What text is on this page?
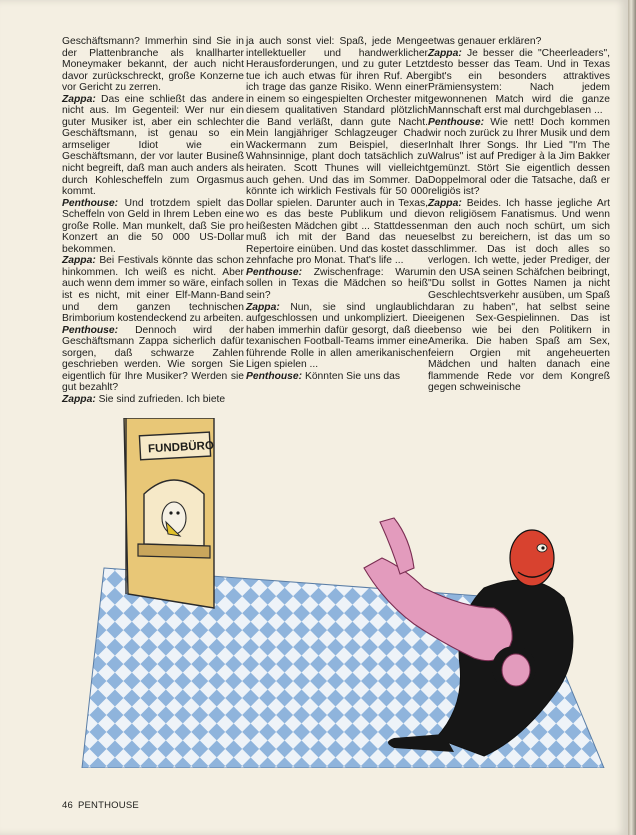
Geschäftsmann? Immerhin sind Sie in der Plattenbranche als knallharter Moneymaker bekannt, der auch nicht davor zurückschreckt, große Konzerne vor Gericht zu zerren.

Zappa: Das eine schließt das andere nicht aus. Im Gegenteil: Wer nur ein guter Musiker ist, aber ein schlechter Geschäftsmann, ist genau so ein armseliger Idiot wie ein Geschäftsmann, der vor lauter Busineß nicht begreift, daß man auch anders als durch Kohlescheffeln zum Orgasmus kommt.

Penthouse: Und trotzdem spielt das Scheffeln von Geld in Ihrem Leben eine große Rolle. Man munkelt, daß Sie pro Konzert an die 50 000 US-Dollar bekommen.

Zappa: Bei Festivals könnte das schon hinkommen. Ich weiß es nicht. Aber auch wenn dem immer so wäre, einfach ist es nicht, mit einer Elf-Mann-Band und dem ganzen technischen Brimborium kostendeckend zu arbeiten.

Penthouse: Dennoch wird der Geschäftsmann Zappa sicherlich dafür sorgen, daß schwarze Zahlen geschrieben werden. Wie sorgen Sie eigentlich für Ihre Musiker? Werden sie gut bezahlt?

Zappa: Sie sind zufrieden. Ich biete

ja auch sonst viel: Spaß, jede Menge intellektueller und handwerklicher Herausforderungen, und zu guter Letzt tue ich auch etwas für ihren Ruf. Aber ich trage das ganze Risiko. Wenn einer in einem so eingespielten Orchester mit diesem qualitativen Standard plötzlich die Band verläßt, dann gute Nacht. Mein langjähriger Schlagzeuger Chad Wackermann zum Beispiel, dieser Wahnsinnige, plant doch tatsächlich zu heiraten. Scott Thunes will vielleicht auch gehen. Und das im Sommer. Da könnte ich wirklich Festivals für 50 000 Dollar spielen. Darunter auch in Texas, wo es das beste Publikum und die heißesten Mädchen gibt ... Stattdessen muß ich mit der Band das neue Repertoire einüben. Und das kostet das zehnfache pro Monat. That's life ...

Penthouse: Zwischenfrage: Warum sollen in Texas die Mädchen so heiß sein?

Zappa: Nun, sie sind unglaublich aufgeschlossen und unkompliziert. Die haben immerhin dafür gesorgt, daß die texanischen Football-Teams immer eine führende Rolle in allen amerikanischen Ligen spielen ...

Penthouse: Könnten Sie uns das

etwas genauer erklären?

Zappa: Je besser die "Cheerleaders", desto besser das Team. Und in Texas gibt's ein besonders attraktives Prämiensystem: Nach jedem gewonnenen Match wird die ganze Mannschaft erst mal durchgeblasen ...

Penthouse: Wie nett! Doch kommen wir noch zurück zu Ihrer Musik und dem Inhalt Ihrer Songs. Ihr Lied "I'm The Walrus" ist auf Prediger à la Jim Bakker gemünzt. Stört Sie eigentlich dessen Doppelmoral oder die Tatsache, daß er religiös ist?

Zappa: Beides. Ich hasse jegliche Art von religiösem Fanatismus. Und wenn man den auch noch schürt, um sich selbst zu bereichern, ist das um so schlimmer. Das ist doch alles so verlogen. Ich wette, jeder Prediger, der in den USA seinen Schäfchen beibringt, "Du sollst in Gottes Namen ja nicht Geschlechtsverkehr ausüben, um Spaß daran zu haben", hat selbst seine eigenen Sex-Gespielinnen. Das ist ebenso wie bei den Politikern in Amerika. Die haben Spaß am Sex, feiern Orgien mit angeheuerten Mädchen und halten danach eine flammende Rede vor dem Kongreß gegen schweinische

FUNDBÜRO
46 PENTHOUSE
